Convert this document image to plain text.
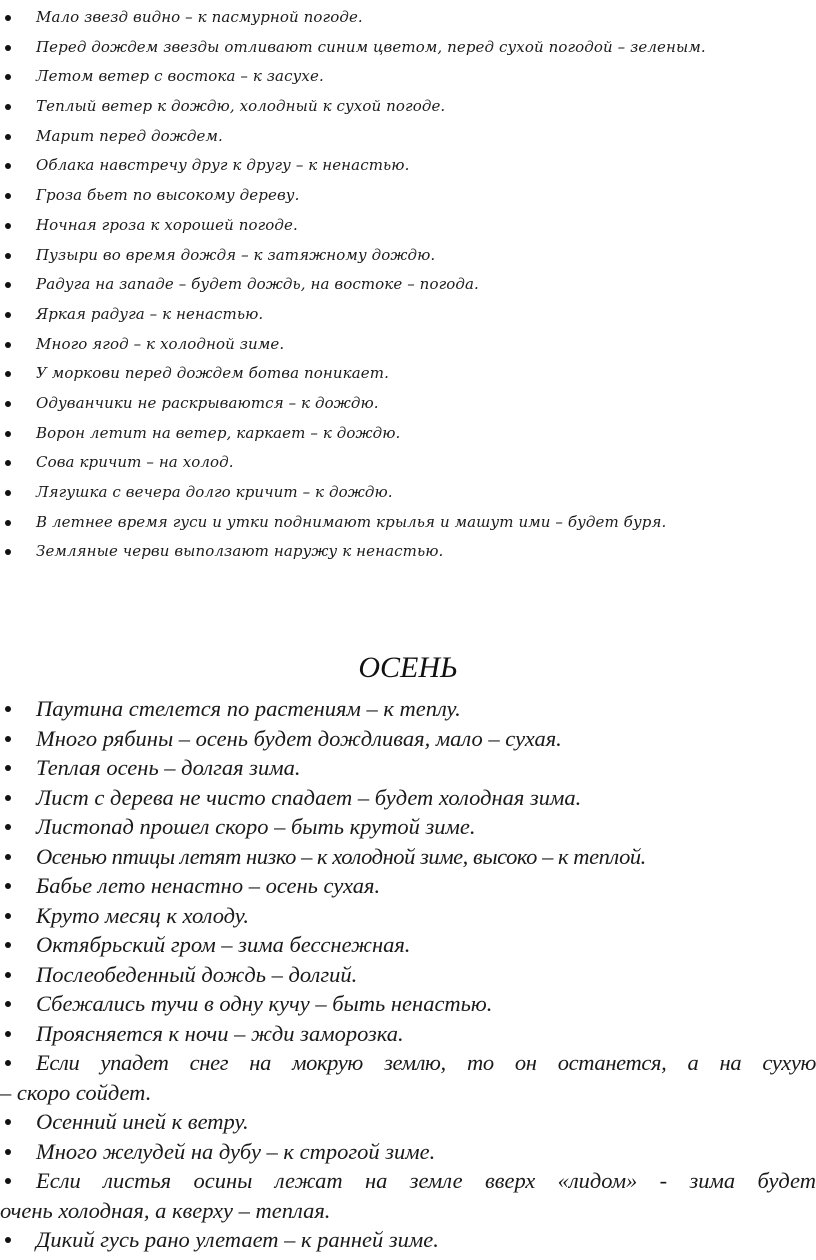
Мало звезд видно – к пасмурной погоде.
Перед дождем звезды отливают синим цветом, перед сухой погодой – зеленым.
Летом ветер с востока – к засухе.
Теплый ветер к дождю, холодный к сухой погоде.
Марит перед дождем.
Облака навстречу друг к другу – к ненастью.
Гроза бьет по высокому дереву.
Ночная гроза к хорошей погоде.
Пузыри во время дождя – к затяжному дождю.
Радуга на западе – будет дождь, на востоке – погода.
Яркая радуга – к ненастью.
Много ягод – к холодной зиме.
У моркови перед дождем ботва поникает.
Одуванчики не раскрываются – к дождю.
Ворон летит на ветер, каркает – к дождю.
Сова кричит – на холод.
Лягушка с вечера долго кричит – к дождю.
В летнее время гуси и утки поднимают крылья и машут ими – будет буря.
Земляные черви выползают наружу к ненастью.
ОСЕНЬ
Паутина стелется по растениям – к теплу.
Много рябины – осень будет дождливая, мало – сухая.
Теплая осень – долгая зима.
Лист с дерева не чисто спадает – будет холодная зима.
Листопад прошел скоро – быть крутой зиме.
Осенью птицы летят низко – к холодной зиме, высоко – к теплой.
Бабье лето ненастно – осень сухая.
Круто месяц к холоду.
Октябрьский гром – зима бесснежная.
Послеобеденный дождь – долгий.
Сбежались тучи в одну кучу – быть ненастью.
Проясняется к ночи – жди заморозка.
Если упадет снег на мокрую землю, то он останется, а на сухую
– скоро сойдет.
Осенний иней к ветру.
Много желудей на дубу – к строгой зиме.
Если листья осины лежат на земле вверх «лидом» - зима будет
очень холодная, а кверху – теплая.
Дикий гусь рано улетает – к ранней зиме.
